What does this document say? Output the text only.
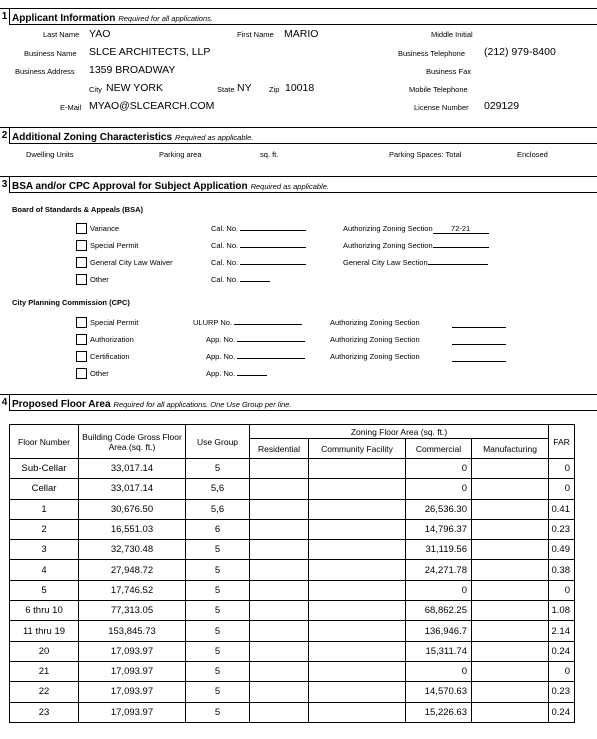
1 Applicant Information Required for all applications.
Last Name YAO	First Name MARIO	Middle Initial
Business Name SLCE ARCHITECTS, LLP	Business Telephone (212) 979-8400
Business Address 1359 BROADWAY	Business Fax
City NEW YORK	State NY Zip 10018	Mobile Telephone
E-Mail MYAO@SLCEARCH.COM	License Number 029129
2 Additional Zoning Characteristics Required as applicable.
Dwelling Units	Parking area	sq. ft.	Parking Spaces: Total	Enclosed
3 BSA and/or CPC Approval for Subject Application Required as applicable.
Board of Standards & Appeals (BSA)
Variance	Cal. No.	Authorizing Zoning Section 72-21
Special Permit	Cal. No.	Authorizing Zoning Section
General City Law Waiver	Cal. No.	General City Law Section
Other	Cal. No.
City Planning Commission (CPC)
Special Permit	ULURP No.	Authorizing Zoning Section
Authorization	App. No.	Authorizing Zoning Section
Certification	App. No.	Authorizing Zoning Section
Other	App. No.
4 Proposed Floor Area Required for all applications. One Use Group per line.
Floor Number	Building Code Gross Floor Area (sq. ft.)	Use Group	Zoning Floor Area (sq. ft.)				FAR
			Residential	Community Facility	Commercial	Manufacturing	
Sub-Cellar	33,017.14	5			0		0
Cellar	33,017.14	5,6			0		0
1	30,676.50	5,6			26,536.30		0.41
2	16,551.03	6			14,796.37		0.23
3	32,730.48	5			31,119.56		0.49
4	27,948.72	5			24,271.78		0.38
5	17,746.52	5			0		0
6 thru 10	77,313.05	5			68,862.25		1.08
11 thru 19	153,845.73	5			136,946.7		2.14
20	17,093.97	5			15,311.74		0.24
21	17,093.97	5			0		0
22	17,093.97	5			14,570.63		0.23
23	17,093.97	5			15,226.63		0.24
